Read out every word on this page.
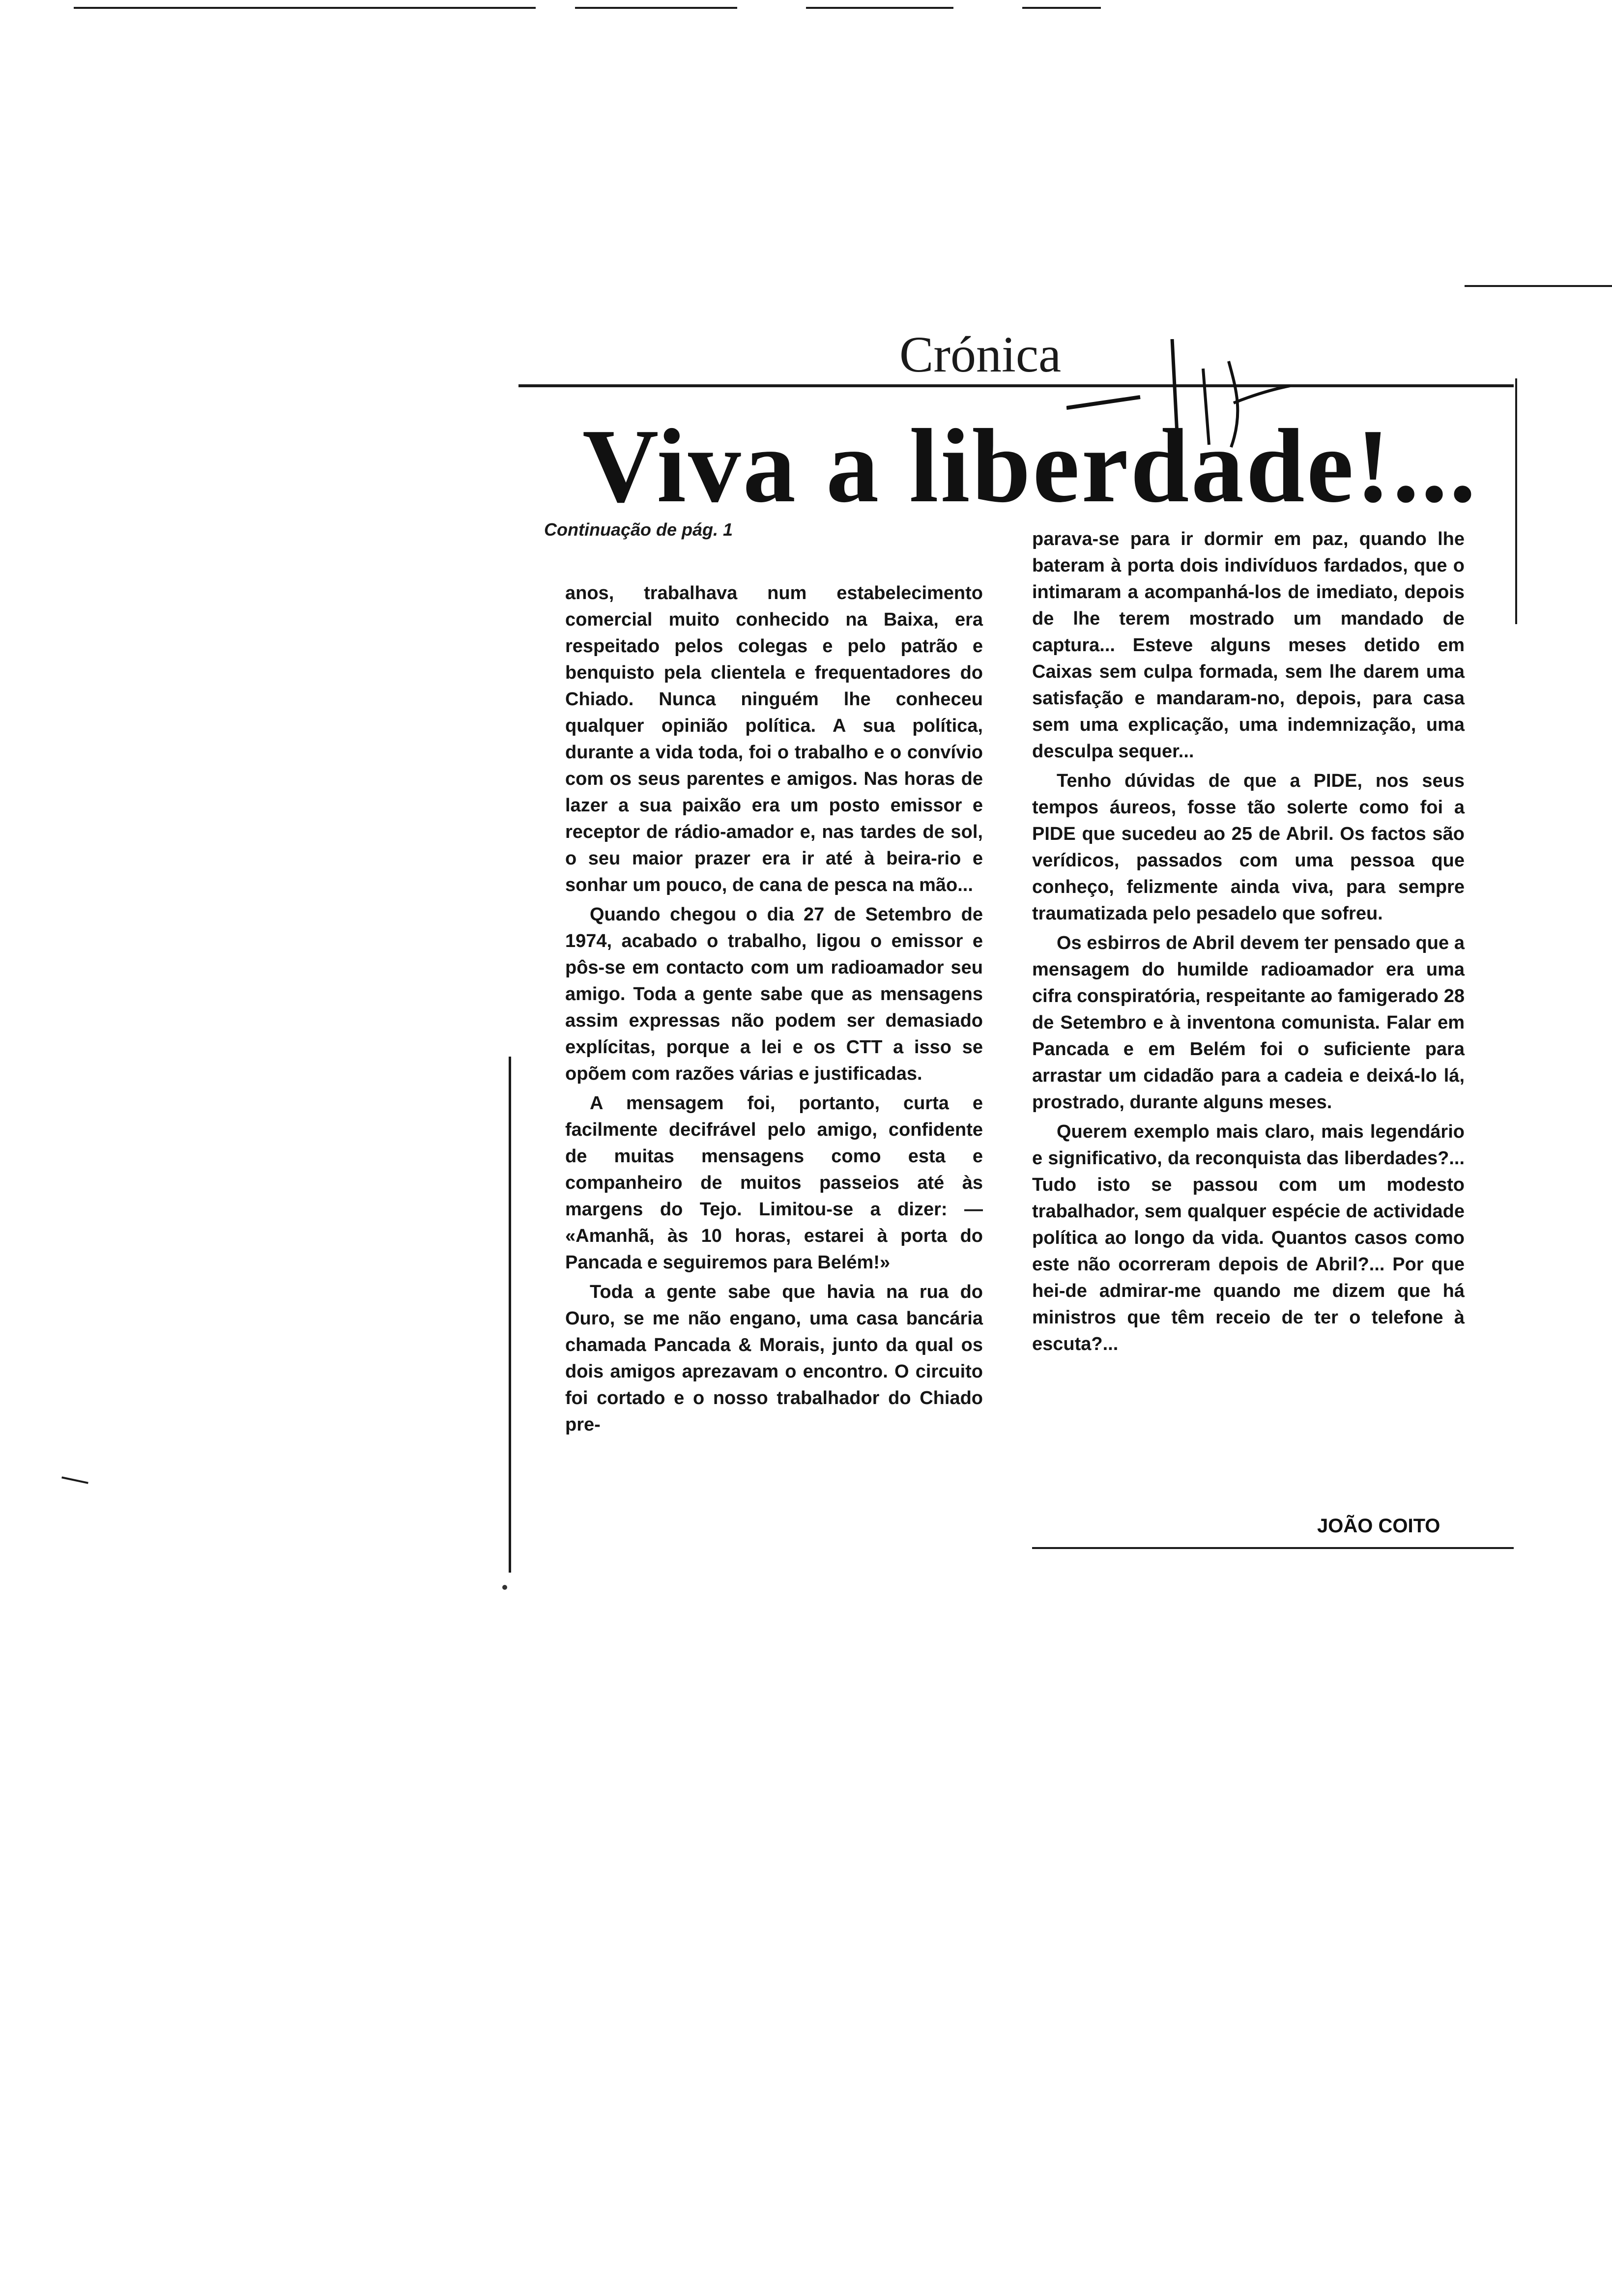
Crónica
Viva a liberdade!...
Continuação de pág. 1

anos, trabalhava num estabelecimento comercial muito conhecido na Baixa, era respeitado pelos colegas e pelo patrão e benquisto pela clientela e frequentadores do Chiado. Nunca ninguém lhe conheceu qualquer opinião política. A sua política, durante a vida toda, foi o trabalho e o convívio com os seus parentes e amigos. Nas horas de lazer a sua paixão era um posto emissor e receptor de rádio-amador e, nas tardes de sol, o seu maior prazer era ir até à beira-rio e sonhar um pouco, de cana de pesca na mão...

Quando chegou o dia 27 de Setembro de 1974, acabado o trabalho, ligou o emissor e pôs-se em contacto com um radioamador seu amigo. Toda a gente sabe que as mensagens assim expressas não podem ser demasiado explícitas, porque a lei e os CTT a isso se opõem com razões várias e justificadas.

A mensagem foi, portanto, curta e facilmente decifrável pelo amigo, confidente de muitas mensagens como esta e companheiro de muitos passeios até às margens do Tejo. Limitou-se a dizer: — «Amanhã, às 10 horas, estarei à porta do Pancada e seguiremos para Belém!»

Toda a gente sabe que havia na rua do Ouro, se me não engano, uma casa bancária chamada Pancada & Morais, junto da qual os dois amigos aprezavam o encontro. O circuito foi cortado e o nosso trabalhador do Chiado pre-

parava-se para ir dormir em paz, quando lhe bateram à porta dois indivíduos fardados, que o intimaram a acompanhá-los de imediato, depois de lhe terem mostrado um mandado de captura... Esteve alguns meses detido em Caixas sem culpa formada, sem lhe darem uma satisfação e mandaram-no, depois, para casa sem uma explicação, uma indemnização, uma desculpa sequer...

Tenho dúvidas de que a PIDE, nos seus tempos áureos, fosse tão solerte como foi a PIDE que sucedeu ao 25 de Abril. Os factos são verídicos, passados com uma pessoa que conheço, felizmente ainda viva, para sempre traumatizada pelo pesadelo que sofreu.

Os esbirros de Abril devem ter pensado que a mensagem do humilde radioamador era uma cifra conspiratória, respeitante ao famigerado 28 de Setembro e à inventona comunista. Falar em Pancada e em Belém foi o suficiente para arrastar um cidadão para a cadeia e deixá-lo lá, prostrado, durante alguns meses.

Querem exemplo mais claro, mais legendário e significativo, da reconquista das liberdades?... Tudo isto se passou com um modesto trabalhador, sem qualquer espécie de actividade política ao longo da vida. Quantos casos como este não ocorreram depois de Abril?... Por que hei-de admirar-me quando me dizem que há ministros que têm receio de ter o telefone à escuta?...

JOÃO COITO
